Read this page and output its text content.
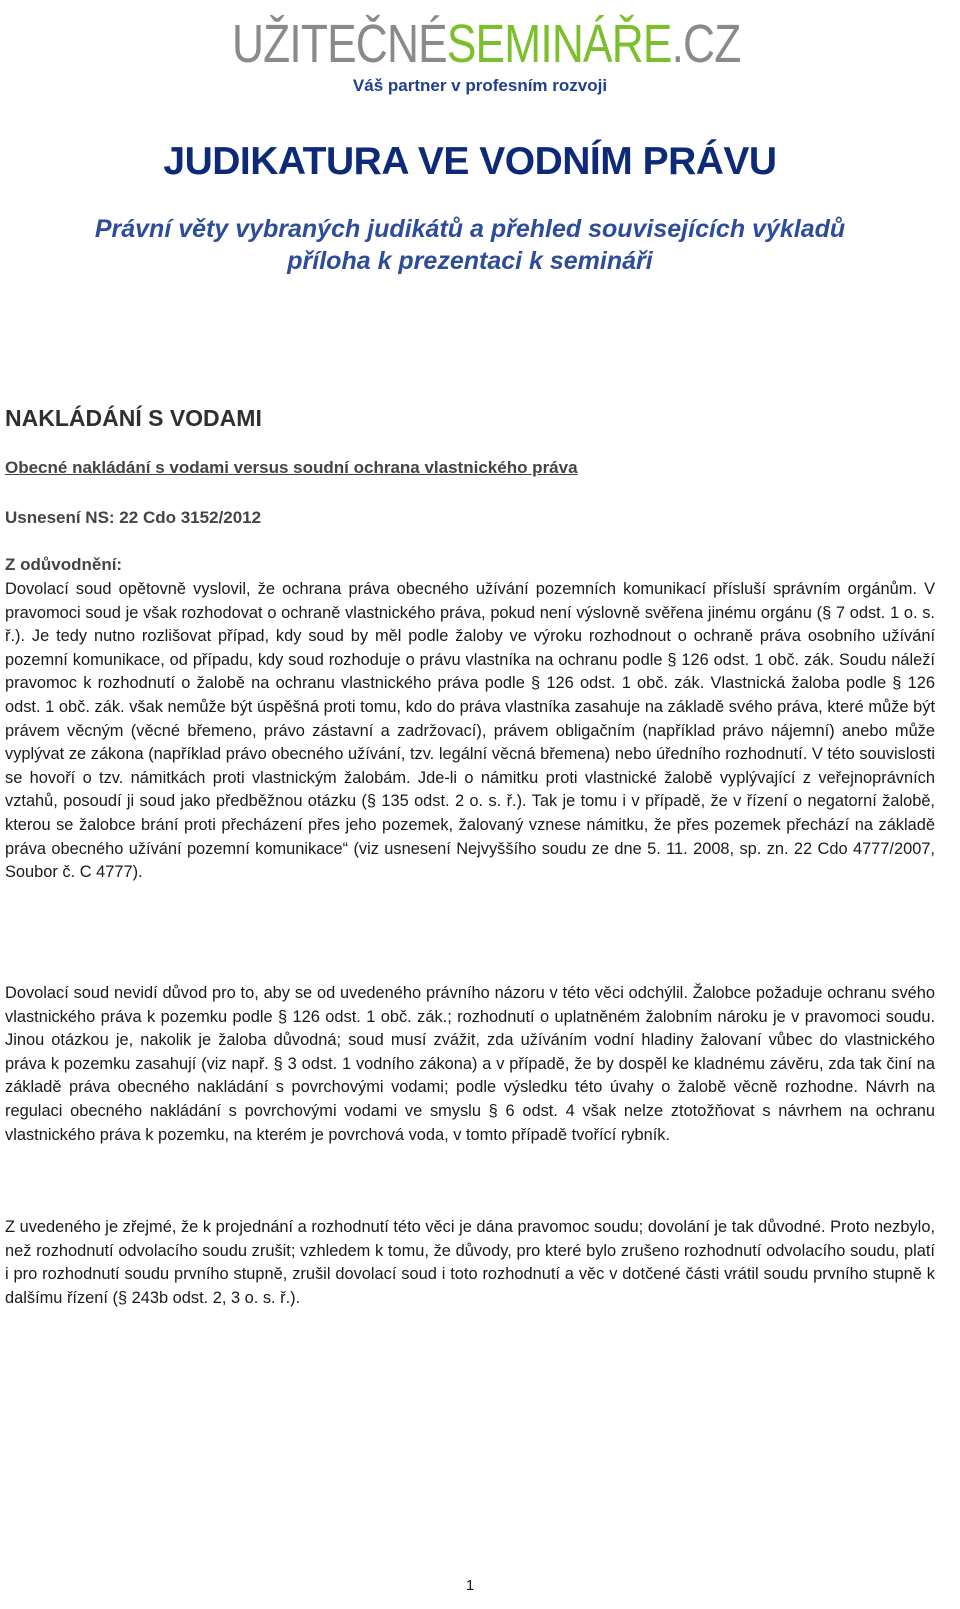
UŽITEČNÉSEMINÁŘE.CZ
Váš partner v profesním rozvoji
JUDIKATURA VE VODNÍM PRÁVU
Právní věty vybraných judikátů a přehled souvisejících výkladů
příloha k prezentaci k semináři
NAKLÁDÁNÍ S VODAMI
Obecné nakládání s vodami versus soudní ochrana vlastnického práva
Usnesení NS: 22 Cdo 3152/2012
Z odůvodnění:

Dovolací soud opětovně vyslovil, že ochrana práva obecného užívání pozemních komunikací přísluší správním orgánům. V pravomoci soud je však rozhodovat o ochraně vlastnického práva, pokud není výslovně svěřena jinému orgánu (§ 7 odst. 1 o. s. ř.). Je tedy nutno rozlišovat případ, kdy soud by měl podle žaloby ve výroku rozhodnout o ochraně práva osobního užívání pozemní komunikace, od případu, kdy soud rozhoduje o právu vlastníka na ochranu podle § 126 odst. 1 obč. zák. Soudu náleží pravomoc k rozhodnutí o žalobě na ochranu vlastnického práva podle § 126 odst. 1 obč. zák. Vlastnická žaloba podle § 126 odst. 1 obč. zák. však nemůže být úspěšná proti tomu, kdo do práva vlastníka zasahuje na základě svého práva, které může být právem věcným (věcné břemeno, právo zástavní a zadržovací), právem obligačním (například právo nájemní) anebo může vyplývat ze zákona (například právo obecného užívání, tzv. legální věcná břemena) nebo úředního rozhodnutí. V této souvislosti se hovoří o tzv. námitkách proti vlastnickým žalobám. Jde-li o námitku proti vlastnické žalobě vyplývající z veřejnoprávních vztahů, posoudí ji soud jako předběžnou otázku (§ 135 odst. 2 o. s. ř.). Tak je tomu i v případě, že v řízení o negatorní žalobě, kterou se žalobce brání proti přecházení přes jeho pozemek, žalovaný vznese námitku, že přes pozemek přechází na základě práva obecného užívání pozemní komunikace“ (viz usnesení Nejvyššího soudu ze dne 5. 11. 2008, sp. zn. 22 Cdo 4777/2007, Soubor č. C 4777).

Dovolací soud nevidí důvod pro to, aby se od uvedeného právního názoru v této věci odchýlil. Žalobce požaduje ochranu svého vlastnického práva k pozemku podle § 126 odst. 1 obč. zák.; rozhodnutí o uplatněném žalobním nároku je v pravomoci soudu. Jinou otázkou je, nakolik je žaloba důvodná; soud musí zvážit, zda užíváním vodní hladiny žalovaní vůbec do vlastnického práva k pozemku zasahují (viz např. § 3 odst. 1 vodního zákona) a v případě, že by dospěl ke kladnému závěru, zda tak činí na základě práva obecného nakládání s povrchovými vodami; podle výsledku této úvahy o žalobě věcně rozhodne. Návrh na regulaci obecného nakládání s povrchovými vodami ve smyslu § 6 odst. 4 však nelze ztotožňovat s návrhem na ochranu vlastnického práva k pozemku, na kterém je povrchová voda, v tomto případě tvořící rybník.

Z uvedeného je zřejmé, že k projednání a rozhodnutí této věci je dána pravomoc soudu; dovolání je tak důvodné. Proto nezbylo, než rozhodnutí odvolacího soudu zrušit; vzhledem k tomu, že důvody, pro které bylo zrušeno rozhodnutí odvolacího soudu, platí i pro rozhodnutí soudu prvního stupně, zrušil dovolací soud i toto rozhodnutí a věc v dotčené části vrátil soudu prvního stupně k dalšímu řízení (§ 243b odst. 2, 3 o. s. ř.).

1
